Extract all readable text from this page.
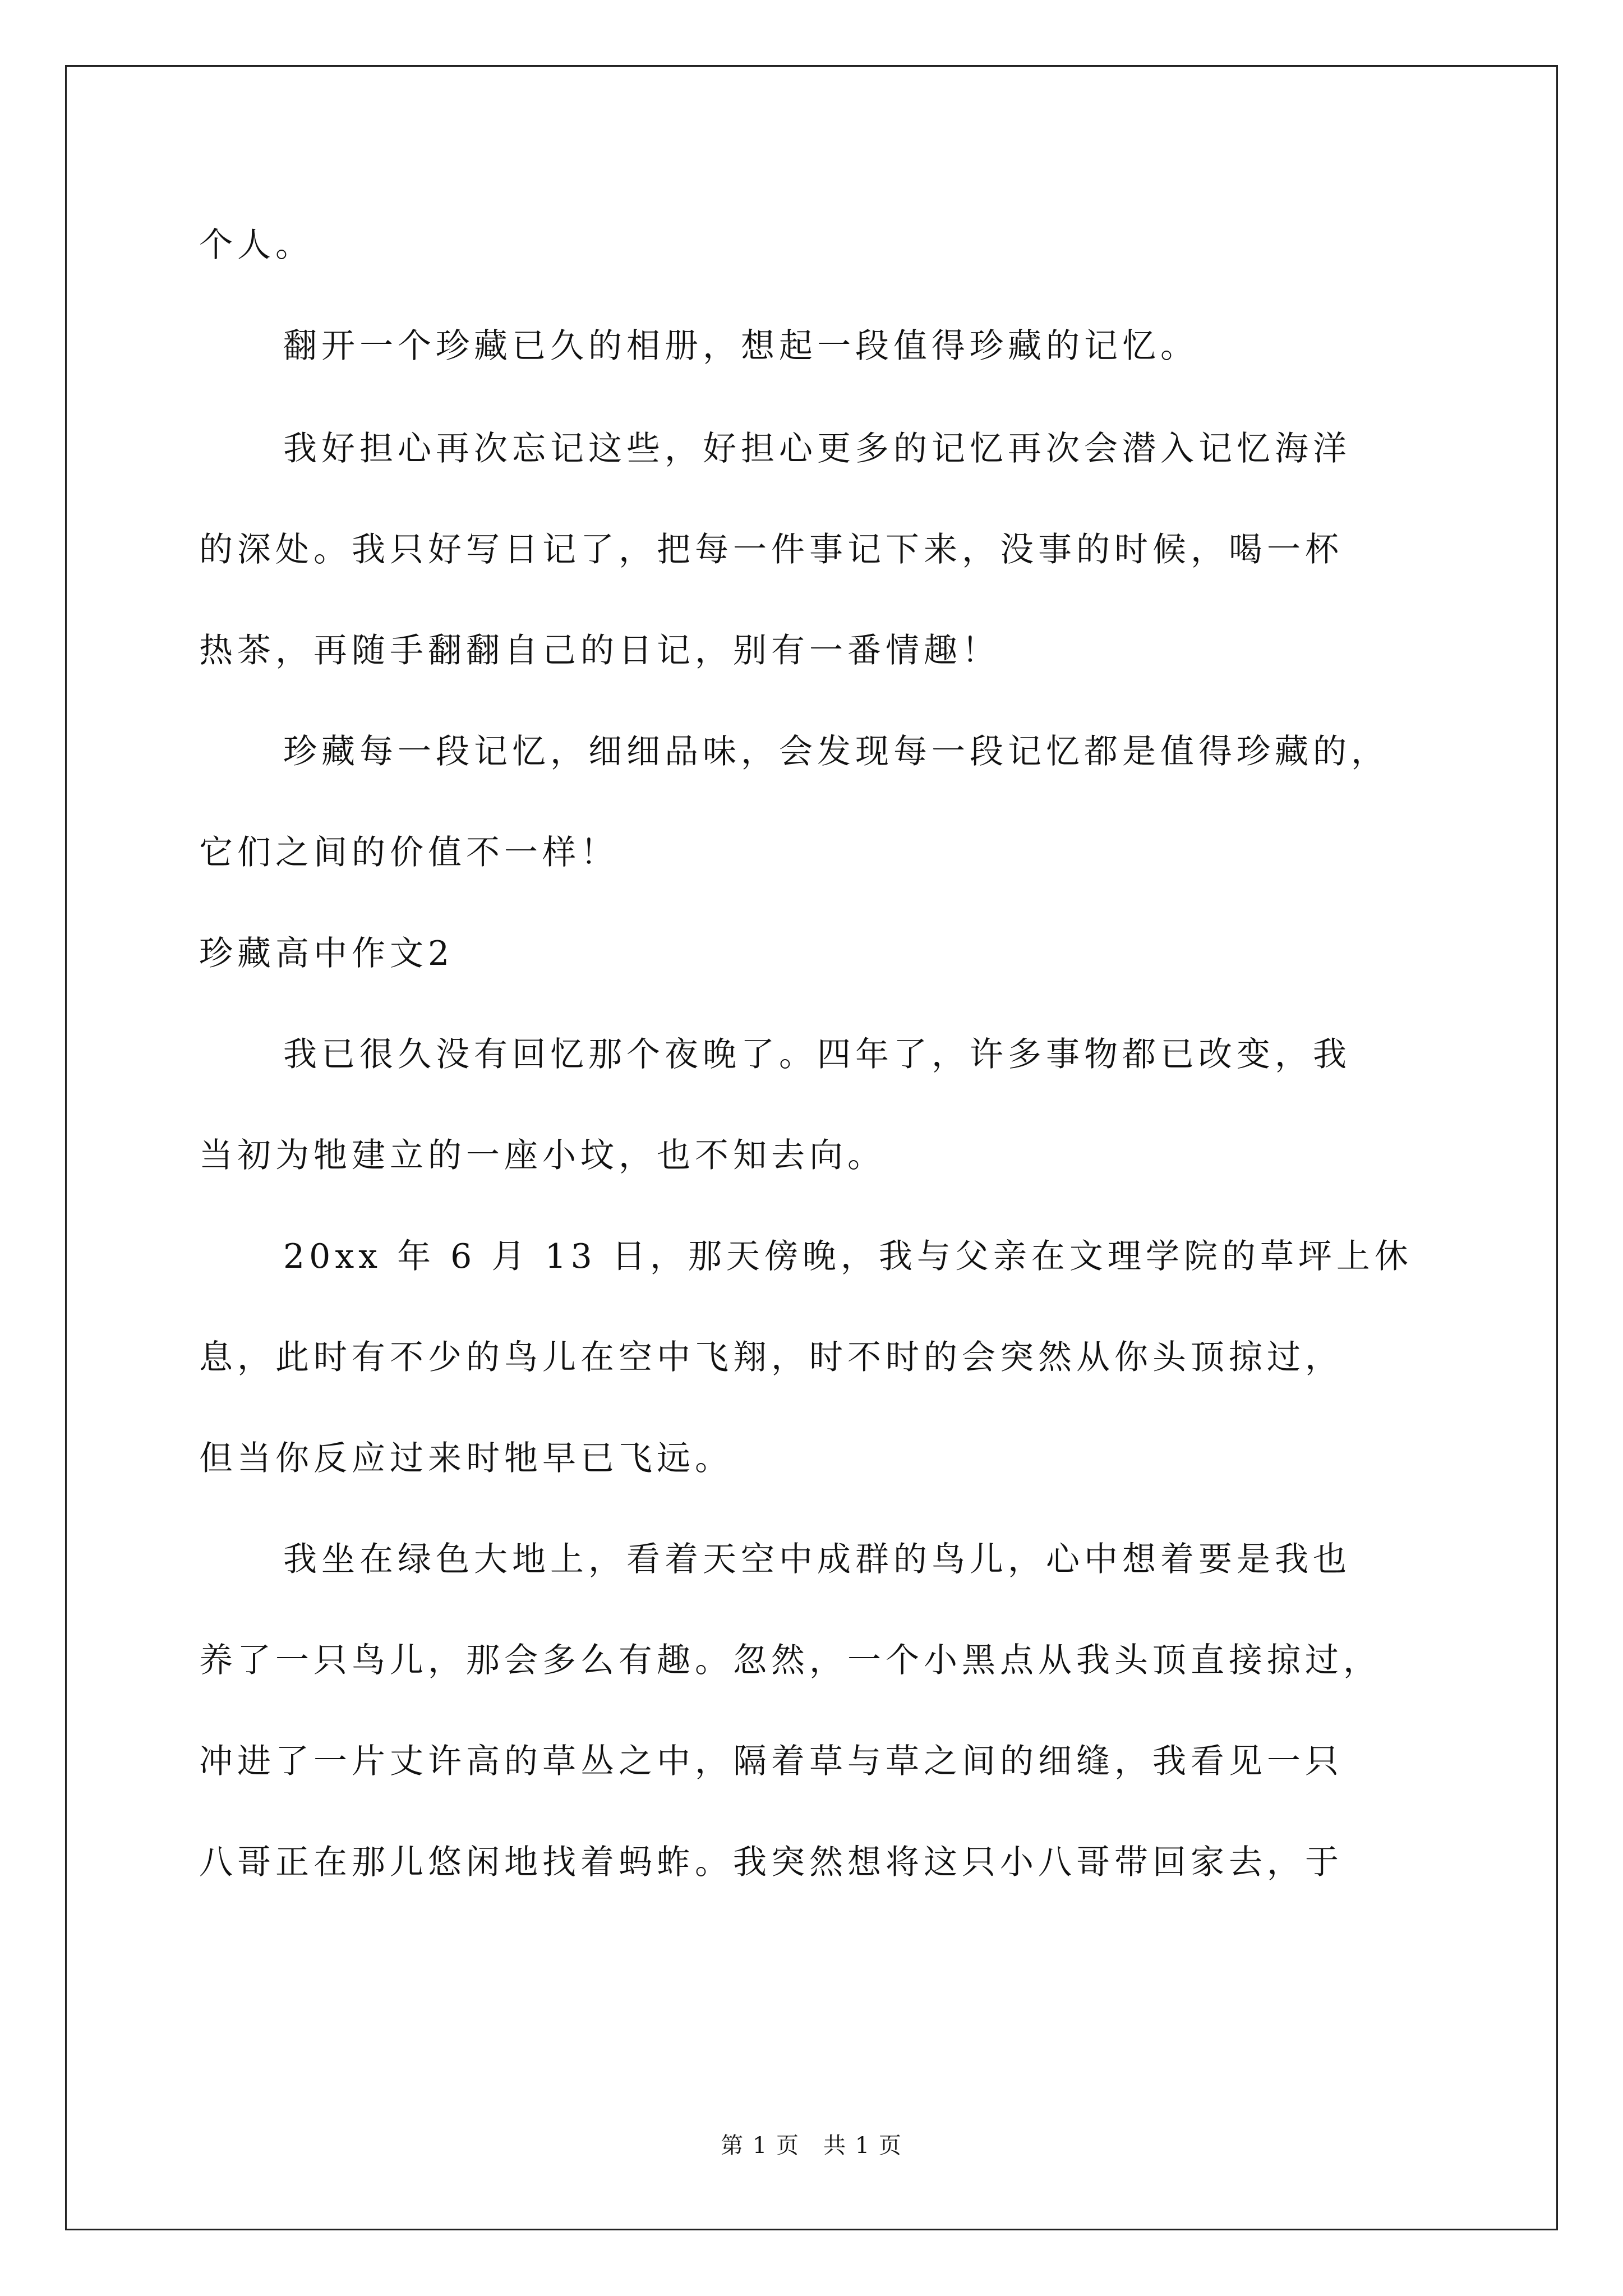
个人。
翻开一个珍藏已久的相册，想起一段值得珍藏的记忆。
我好担心再次忘记这些，好担心更多的记忆再次会潜入记忆海洋
的深处。我只好写日记了，把每一件事记下来，没事的时候，喝一杯
热茶，再随手翻翻自己的日记，别有一番情趣！
珍藏每一段记忆，细细品味，会发现每一段记忆都是值得珍藏的，
它们之间的价值不一样！
珍藏高中作文2
我已很久没有回忆那个夜晚了。四年了，许多事物都已改变，我
当初为牠建立的一座小坟，也不知去向。
20xx 年 6 月 13 日，那天傍晚，我与父亲在文理学院的草坪上休
息，此时有不少的鸟儿在空中飞翔，时不时的会突然从你头顶掠过，
但当你反应过来时牠早已飞远。
我坐在绿色大地上，看着天空中成群的鸟儿，心中想着要是我也
养了一只鸟儿，那会多么有趣。忽然，一个小黑点从我头顶直接掠过，
冲进了一片丈许高的草丛之中，隔着草与草之间的细缝，我看见一只
八哥正在那儿悠闲地找着蚂蚱。我突然想将这只小八哥带回家去，于
第 1 页　共 1 页
